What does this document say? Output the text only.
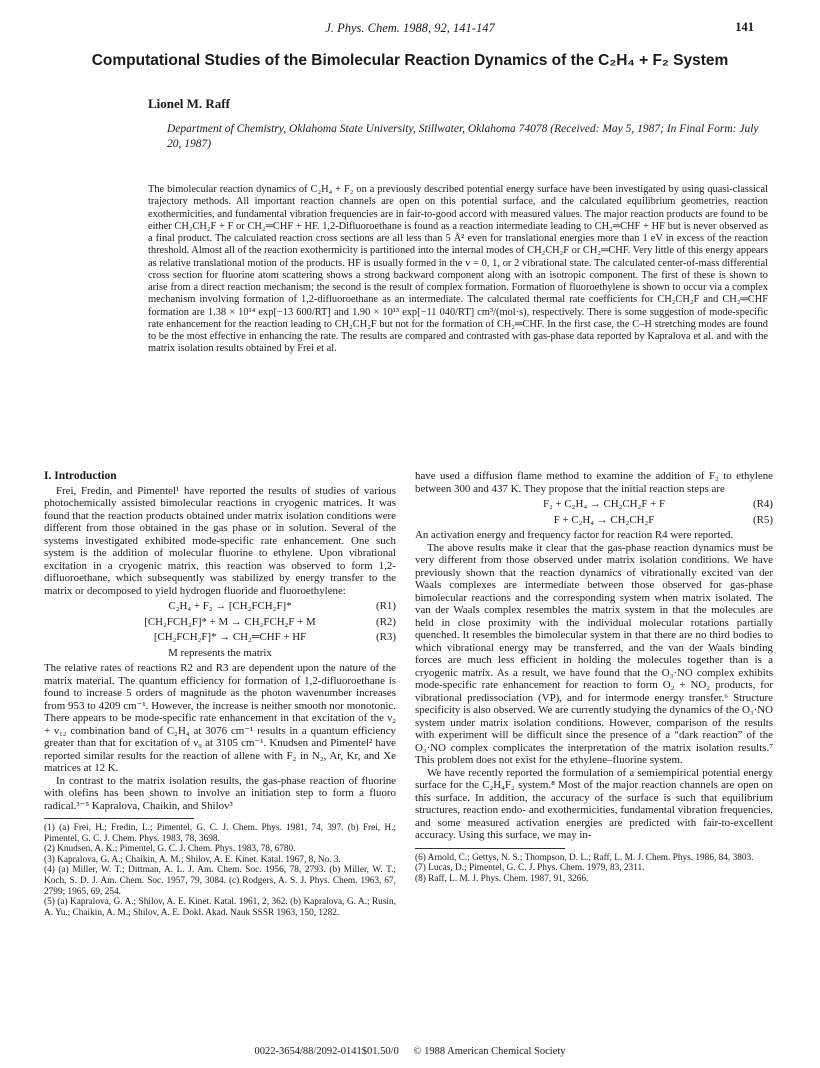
J. Phys. Chem. 1988, 92, 141-147	141
Computational Studies of the Bimolecular Reaction Dynamics of the C₂H₄ + F₂ System
Lionel M. Raff
Department of Chemistry, Oklahoma State University, Stillwater, Oklahoma 74078 (Received: May 5, 1987; In Final Form: July 20, 1987)
The bimolecular reaction dynamics of C₂H₄ + F₂ on a previously described potential energy surface have been investigated by using quasi-classical trajectory methods. All important reaction channels are open on this potential surface, and the calculated equilibrium geometries, reaction exothermicities, and fundamental vibration frequencies are in fair-to-good accord with measured values. The major reaction products are found to be either CH₂CH₂F + F or CH₂═CHF + HF. 1,2-Difluoroethane is found as a reaction intermediate leading to CH₂═CHF + HF but is never observed as a final product. The calculated reaction cross sections are all less than 5 Å² even for translational energies more than 1 eV in excess of the reaction threshold. Almost all of the reaction exothermicity is partitioned into the internal modes of CH₂CH₂F or CH₂═CHF. Very little of this energy appears as relative translational motion of the products. HF is usually formed in the v = 0, 1, or 2 vibrational state. The calculated center-of-mass differential cross section for fluorine atom scattering shows a strong backward component along with an isotropic component. The first of these is shown to arise from a direct reaction mechanism; the second is the result of complex formation. Formation of fluoroethylene is shown to occur via a complex mechanism involving formation of 1,2-difluoroethane as an intermediate. The calculated thermal rate coefficients for CH₂CH₂F and CH₂═CHF formation are 1.38 × 10¹⁴ exp[−13 600/RT] and 1.90 × 10¹³ exp[−11 040/RT] cm³/(mol·s), respectively. There is some suggestion of mode-specific rate enhancement for the reaction leading to CH₂CH₂F but not for the formation of CH₂═CHF. In the first case, the C–H stretching modes are found to be the most effective in enhancing the rate. The results are compared and contrasted with gas-phase data reported by Kapralova et al. and with the matrix isolation results obtained by Frei et al.
I. Introduction

Frei, Fredin, and Pimentel¹ have reported the results of studies of various photochemically assisted bimolecular reactions in cryogenic matrices. It was found that the reaction products obtained under matrix isolation conditions were different from those obtained in the gas phase or in solution. Several of the systems investigated exhibited mode-specific rate enhancement. One such system is the addition of molecular fluorine to ethylene. Upon vibrational excitation in a cryogenic matrix, this reaction was observed to form 1,2-difluoroethane, which subsequently was stabilized by energy transfer to the matrix or decomposed to yield hydrogen fluoride and fluoroethylene:

C₂H₄ + F₂ → [CH₂FCH₂F]*	(R1)
[CH₂FCH₂F]* + M → CH₂FCH₂F + M	(R2)
[CH₂FCH₂F]* → CH₂═CHF + HF	(R3)
M represents the matrix

The relative rates of reactions R2 and R3 are dependent upon the nature of the matrix material. The quantum efficiency for formation of 1,2-difluoroethane is found to increase 5 orders of magnitude as the photon wavenumber increases from 953 to 4209 cm⁻¹. However, the increase is neither smooth nor monotonic. There appears to be mode-specific rate enhancement in that excitation of the ν₂ + ν₁₂ combination band of C₂H₄ at 3076 cm⁻¹ results in a quantum efficiency greater than that for excitation of ν₉ at 3105 cm⁻¹. Knudsen and Pimentel² have reported similar results for the reaction of allene with F₂ in N₂, Ar, Kr, and Xe matrices at 12 K.

In contrast to the matrix isolation results, the gas-phase reaction of fluorine with olefins has been shown to involve an initiation step to form a fluoro radical.³⁻⁵ Kapralova, Chaikin, and Shilov³

(1) (a) Frei, H.; Fredin, L.; Pimentel, G. C. J. Chem. Phys. 1981, 74, 397. (b) Frei, H.; Pimentel, G. C. J. Chem. Phys. 1983, 78, 3698.
(2) Knudsen, A. K.; Pimentel, G. C. J. Chem. Phys. 1983, 78, 6780.
(3) Kapralova, G. A.; Chaikin, A. M.; Shilov, A. E. Kinet. Katal. 1967, 8, No. 3.
(4) (a) Miller, W. T.; Dittman, A. L. J. Am. Chem. Soc. 1956, 78, 2793. (b) Miller, W. T.; Koch, S. D. J. Am. Chem. Soc. 1957, 79, 3084. (c) Rodgers, A. S. J. Phys. Chem. 1963, 67, 2799; 1965, 69, 254.
(5) (a) Kapralova, G. A.; Shilov, A. E. Kinet. Katal. 1961, 2, 362. (b) Kapralova, G. A.; Rusin, A. Yu.; Chaikin, A. M.; Shilov, A. E. Dokl. Akad. Nauk SSSR 1963, 150, 1282.

have used a diffusion flame method to examine the addition of F₂ to ethylene between 300 and 437 K. They propose that the initial reaction steps are

F₂ + C₂H₄ → CH₂CH₂F + F	(R4)
F + C₂H₄ → CH₂CH₂F	(R5)

An activation energy and frequency factor for reaction R4 were reported.

The above results make it clear that the gas-phase reaction dynamics must be very different from those observed under matrix isolation conditions. We have previously shown that the reaction dynamics of vibrationally excited van der Waals complexes are intermediate between those observed for gas-phase bimolecular reactions and the corresponding system when matrix isolated. The van der Waals complex resembles the matrix system in that the molecules are held in close proximity with the individual molecular rotations partially quenched. It resembles the bimolecular system in that there are no third bodies to which vibrational energy may be transferred, and the van der Waals binding forces are much less efficient in holding the molecules together than is a cryogenic matrix. As a result, we have found that the O₃·NO complex exhibits mode-specific rate enhancement for reaction to form O₂ + NO₂ products, for vibrational predissociation (VP), and for intermode energy transfer.⁶ Structure specificity is also observed. We are currently studying the dynamics of the O₃·NO system under matrix isolation conditions. However, comparison of the results with experiment will be difficult since the presence of a “dark reaction” of the O₃·NO complex complicates the interpretation of the matrix isolation results.⁷ This problem does not exist for the ethylene–fluorine system.

We have recently reported the formulation of a semiempirical potential energy surface for the C₂H₄F₂ system.⁸ Most of the major reaction channels are open on this surface. In addition, the accuracy of the surface is such that equilibrium structures, reaction endo- and exothermicities, fundamental vibration frequencies, and some measured activation energies are predicted with fair-to-excellent accuracy. Using this surface, we may in-

(6) Arnold, C.; Gettys, N. S.; Thompson, D. L.; Raff, L. M. J. Chem. Phys. 1986, 84, 3803.
(7) Lucas, D.; Pimentel, G. C. J. Phys. Chem. 1979, 83, 2311.
(8) Raff, L. M. J. Phys. Chem. 1987, 91, 3266.
0022-3654/88/2092-0141$01.50/0 © 1988 American Chemical Society
